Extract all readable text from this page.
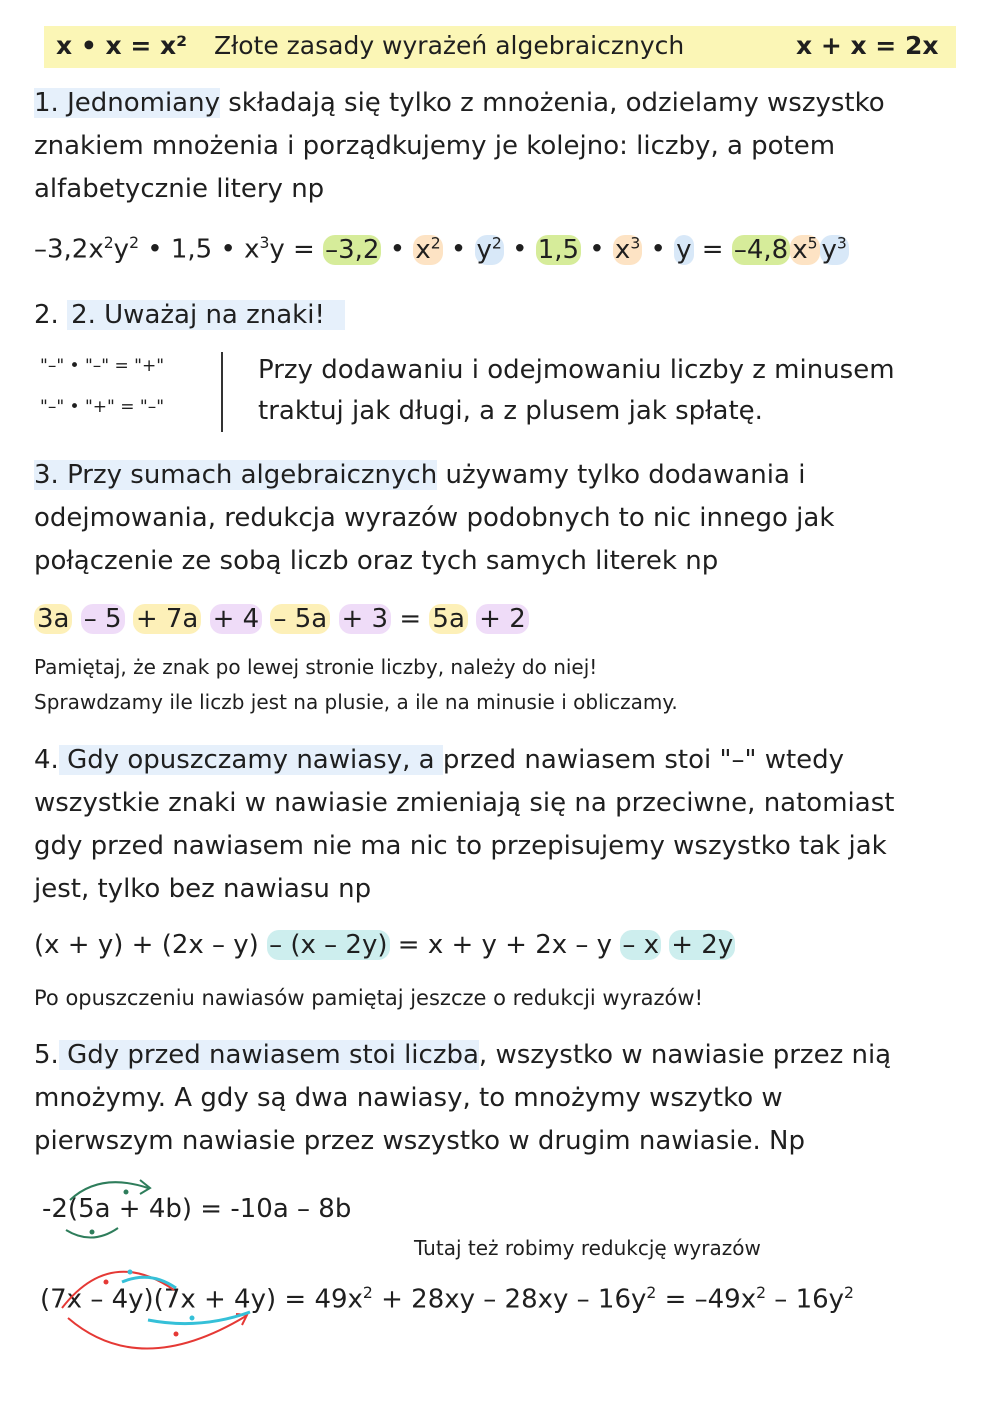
x • x = x² Złote zasady wyrażeń algebraicznych	x + x = 2x
1. Jednomiany składają się tylko z mnożenia, odzielamy wszystko
znakiem mnożenia i porządkujemy je kolejno: liczby, a potem
alfabetycznie litery np
$-3,2x^2y^2$ • 1,5 • $x^3y = -3,2$ • $x^2$ • $y^2$ • 1,5 • $x^3$ • y = –4,8 $x^5$ $y^3$
2. 2. Uważaj na znaki!
"–" • "–" = "+"
"–" • "+" = "–"
Przy dodawaniu i odejmowaniu liczby z minusem
traktuj jak długi, a z plusem jak spłatę.
3. Przy sumach algebraicznych używamy tylko dodawania i
odejmowania, redukcja wyrazów podobnych to nic innego jak
połączenie ze sobą liczb oraz tych samych literek np
3a – 5 + 7a + 4 – 5a + 3 = 5a + 2
Pamiętaj, że znak po lewej stronie liczby, należy do niej!
Sprawdzamy ile liczb jest na plusie, a ile na minusie i obliczamy.
4. Gdy opuszczamy nawiasy, a przed nawiasem stoi "–" wtedy
wszystkie znaki w nawiasie zmieniają się na przeciwne, natomiast
gdy przed nawiasem nie ma nic to przepisujemy wszystko tak jak
jest, tylko bez nawiasu np
(x + y) + (2x – y) – (x – 2y) = x + y + 2x – y – x + 2y
Po opuszczeniu nawiasów pamiętaj jeszcze o redukcji wyrazów!
5. Gdy przed nawiasem stoi liczba, wszystko w nawiasie przez nią
mnożymy. A gdy są dwa nawiasy, to mnożymy wszytko w
pierwszym nawiasie przez wszystko w drugim nawiasie. Np
-2(5a + 4b) = -10a – 8b
Tutaj też robimy redukcję wyrazów
$(7x - 4y)(7x + 4y) = 49x^2 + 28xy - 28xy - 16y^2 = -49x^2 - 16y^2$
